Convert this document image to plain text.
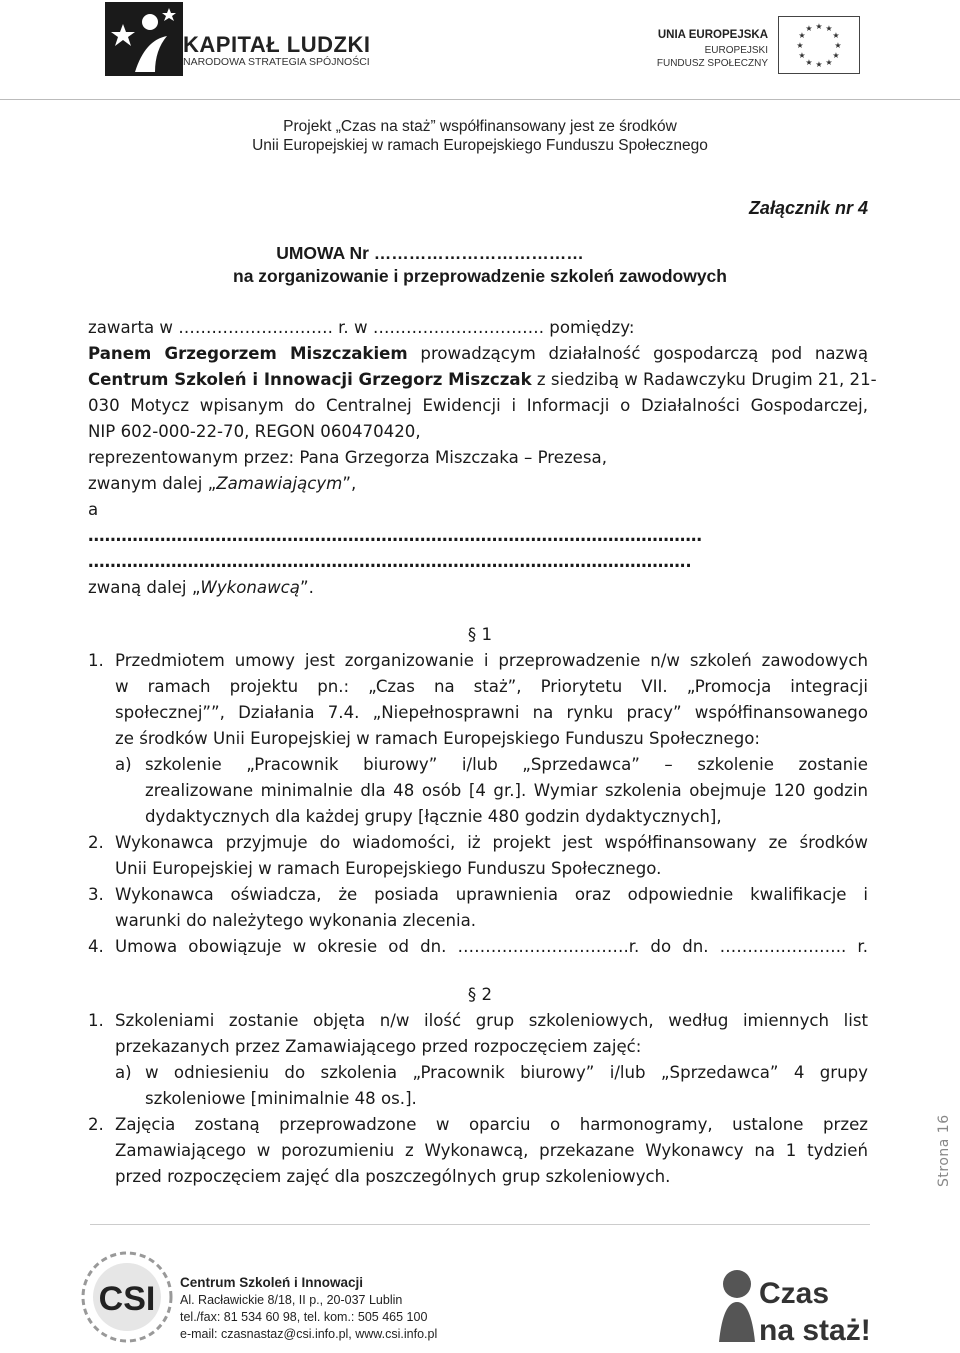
KAPITAŁ LUDZKI
NARODOWA STRATEGIA SPÓJNOŚCI
UNIA EUROPEJSKA
EUROPEJSKI
FUNDUSZ SPOŁECZNY
★ ★
★
★
★
★
★
★
★
★
★
★
Projekt „Czas na staż” współfinansowany jest ze środków
Unii Europejskiej w ramach Europejskiego Funduszu Społecznego
Załącznik nr 4
UMOWA Nr ………………………………
na zorganizowanie i przeprowadzenie szkoleń zawodowych
zawarta w ………………………. r. w …………………………. pomiędzy:
Panem Grzegorzem Miszczakiem prowadzącym działalność gospodarczą pod nazwą
Centrum Szkoleń i Innowacji Grzegorz Miszczak z siedzibą w Radawczyku Drugim 21, 21-
030 Motycz wpisanym do Centralnej Ewidencji i Informacji o Działalności Gospodarczej,
NIP 602-000-22-70, REGON 060470420,
reprezentowanym przez: Pana Grzegorza Miszczaka – Prezesa,
zwanym dalej „Zamawiającym”,
a
…………………………………………………………………………………………………
……………………………………………………………………………………………….
zwaną dalej „Wykonawcą”.
§ 1
1. Przedmiotem umowy jest zorganizowanie i przeprowadzenie n/w szkoleń zawodowych
w ramach projektu pn.: „Czas na staż”, Priorytetu VII. „Promocja integracji
społecznej””, Działania 7.4. „Niepełnosprawni na rynku pracy” współfinansowanego
ze środków Unii Europejskiej w ramach Europejskiego Funduszu Społecznego:
a) szkolenie „Pracownik biurowy” i/lub „Sprzedawca” – szkolenie zostanie
zrealizowane minimalnie dla 48 osób [4 gr.]. Wymiar szkolenia obejmuje 120 godzin
dydaktycznych dla każdej grupy [łącznie 480 godzin dydaktycznych],
2. Wykonawca przyjmuje do wiadomości, iż projekt jest współfinansowany ze środków
Unii Europejskiej w ramach Europejskiego Funduszu Społecznego.
3. Wykonawca oświadcza, że posiada uprawnienia oraz odpowiednie kwalifikacje i
warunki do należytego wykonania zlecenia.
4. Umowa obowiązuje w okresie od dn. ………………………….r. do dn. ………………….. r.
§ 2
1. Szkoleniami zostanie objęta n/w ilość grup szkoleniowych, według imiennych list
przekazanych przez Zamawiającego przed rozpoczęciem zajęć:
a) w odniesieniu do szkolenia „Pracownik biurowy” i/lub „Sprzedawca” 4 grupy
szkoleniowe [minimalnie 48 os.].
2. Zajęcia zostaną przeprowadzone w oparciu o harmonogramy, ustalone przez
Zamawiającego w porozumieniu z Wykonawcą, przekazane Wykonawcy na 1 tydzień
przed rozpoczęciem zajęć dla poszczególnych grup szkoleniowych.	Strona 16
CSI Centrum Szkoleń i Innowacji
Al. Racławickie 8/18, II p., 20-037 Lublin
tel./fax: 81 534 60 98, tel. kom.: 505 465 100
e-mail: czasnastaz@csi.info.pl, www.csi.info.pl
Czas
na staż!
